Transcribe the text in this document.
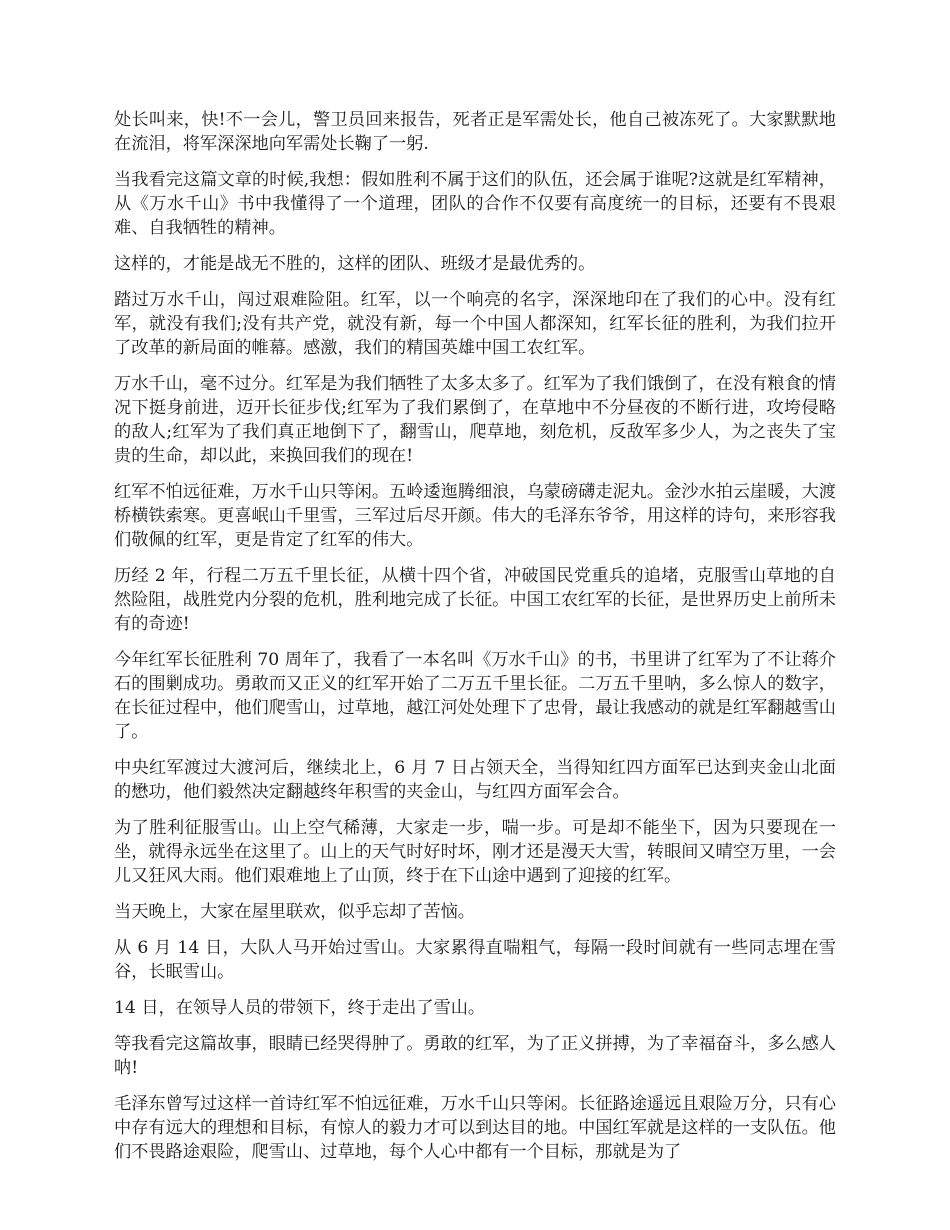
处长叫来，快!不一会儿，警卫员回来报告，死者正是军需处长，他自己被冻死了。大家默默地在流泪，将军深深地向军需处长鞠了一躬.

当我看完这篇文章的时候,我想：假如胜利不属于这们的队伍，还会属于谁呢?这就是红军精神，从《万水千山》书中我懂得了一个道理，团队的合作不仅要有高度统一的目标，还要有不畏艰难、自我牺牲的精神。

这样的，才能是战无不胜的，这样的团队、班级才是最优秀的。

踏过万水千山，闯过艰难险阻。红军，以一个响亮的名字，深深地印在了我们的心中。没有红军，就没有我们;没有共产党，就没有新，每一个中国人都深知，红军长征的胜利，为我们拉开了改革的新局面的帷幕。感激，我们的精国英雄中国工农红军。

万水千山，毫不过分。红军是为我们牺牲了太多太多了。红军为了我们饿倒了，在没有粮食的情况下挺身前进，迈开长征步伐;红军为了我们累倒了，在草地中不分昼夜的不断行进，攻垮侵略的敌人;红军为了我们真正地倒下了，翻雪山，爬草地，刻危机，反敌军多少人，为之丧失了宝贵的生命，却以此，来换回我们的现在!

红军不怕远征难，万水千山只等闲。五岭逶迤腾细浪，乌蒙磅礴走泥丸。金沙水拍云崖暖，大渡桥横铁索寒。更喜岷山千里雪，三军过后尽开颜。伟大的毛泽东爷爷，用这样的诗句，来形容我们敬佩的红军，更是肯定了红军的伟大。

历经 2 年，行程二万五千里长征，从横十四个省，冲破国民党重兵的追堵，克服雪山草地的自然险阻，战胜党内分裂的危机，胜利地完成了长征。中国工农红军的长征，是世界历史上前所未有的奇迹!

今年红军长征胜利 70 周年了，我看了一本名叫《万水千山》的书，书里讲了红军为了不让蒋介石的围剿成功。勇敢而又正义的红军开始了二万五千里长征。二万五千里呐，多么惊人的数字，在长征过程中，他们爬雪山，过草地，越江河处处理下了忠骨，最让我感动的就是红军翻越雪山了。

中央红军渡过大渡河后，继续北上，6 月 7 日占领天全，当得知红四方面军已达到夹金山北面的懋功，他们毅然决定翻越终年积雪的夹金山，与红四方面军会合。

为了胜利征服雪山。山上空气稀薄，大家走一步，喘一步。可是却不能坐下，因为只要现在一坐，就得永远坐在这里了。山上的天气时好时坏，刚才还是漫天大雪，转眼间又晴空万里，一会儿又狂风大雨。他们艰难地上了山顶，终于在下山途中遇到了迎接的红军。

当天晚上，大家在屋里联欢，似乎忘却了苦恼。

从 6 月 14 日，大队人马开始过雪山。大家累得直喘粗气，每隔一段时间就有一些同志埋在雪谷，长眠雪山。

14 日，在领导人员的带领下，终于走出了雪山。

等我看完这篇故事，眼睛已经哭得肿了。勇敢的红军，为了正义拼搏，为了幸福奋斗，多么感人呐!

毛泽东曾写过这样一首诗红军不怕远征难，万水千山只等闲。长征路途遥远且艰险万分，只有心中存有远大的理想和目标，有惊人的毅力才可以到达目的地。中国红军就是这样的一支队伍。他们不畏路途艰险，爬雪山、过草地，每个人心中都有一个目标，那就是为了
